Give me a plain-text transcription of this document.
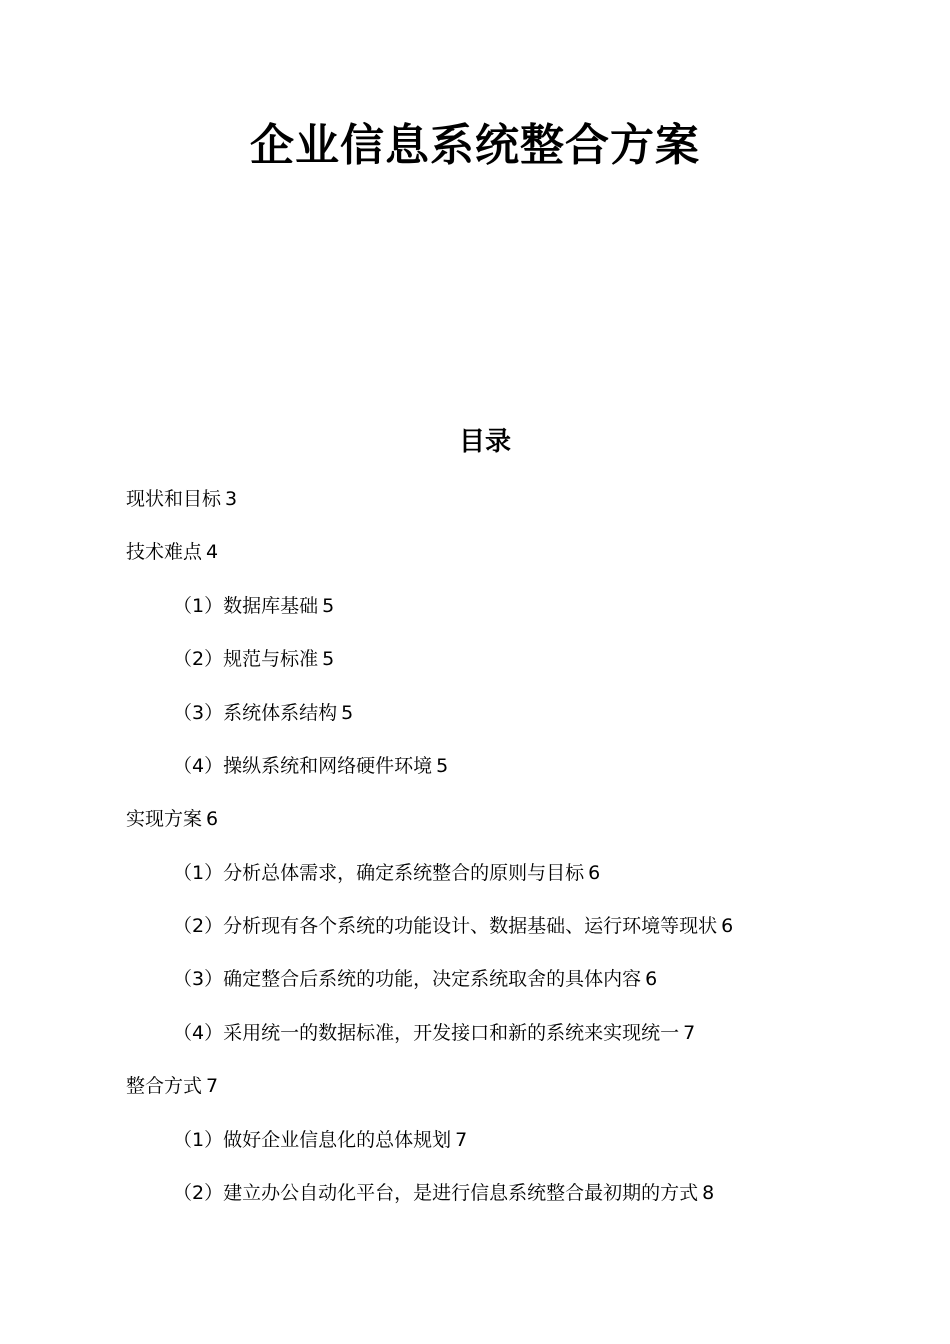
企业信息系统整合方案
目录
现状和目标 3
技术难点 4
（1）数据库基础 5
（2）规范与标准 5
（3）系统体系结构 5
（4）操纵系统和网络硬件环境 5
实现方案 6
（1）分析总体需求，确定系统整合的原则与目标 6
（2）分析现有各个系统的功能设计、数据基础、运行环境等现状 6
（3）确定整合后系统的功能，决定系统取舍的具体内容 6
（4）采用统一的数据标准，开发接口和新的系统来实现统一 7
整合方式 7
（1）做好企业信息化的总体规划 7
（2）建立办公自动化平台，是进行信息系统整合最初期的方式 8
